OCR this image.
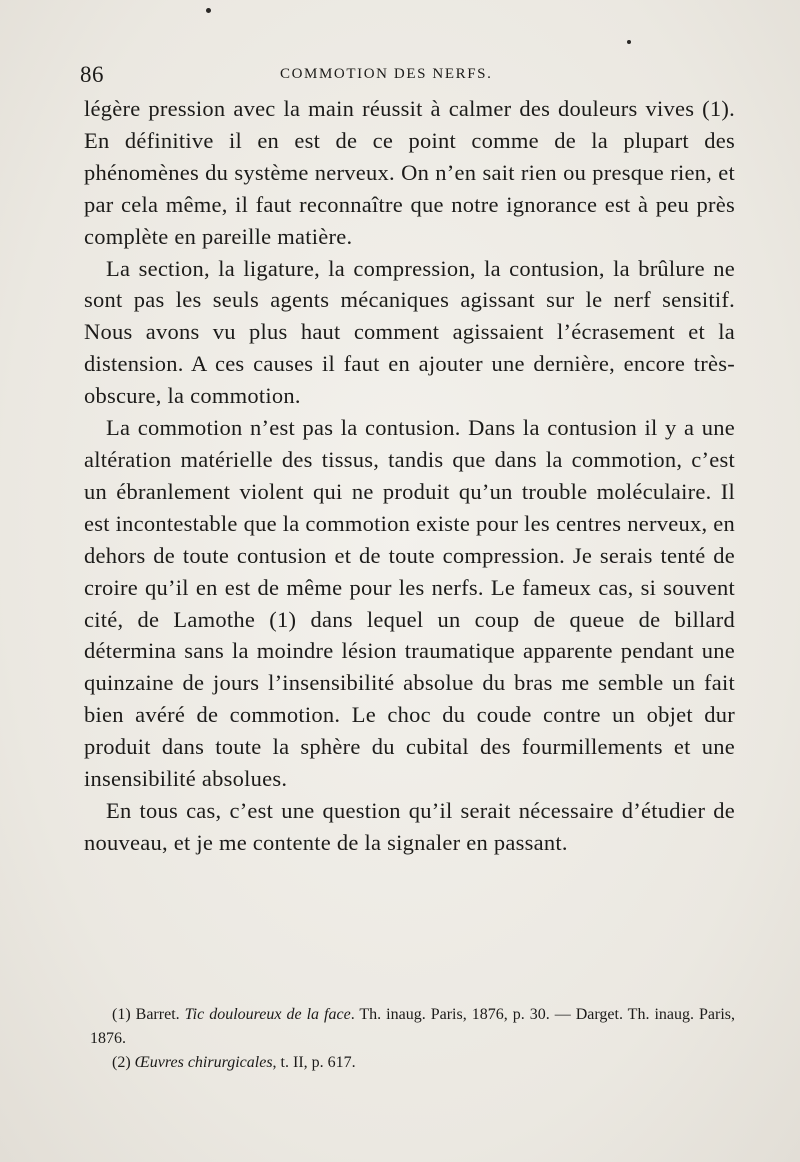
86	COMMOTION DES NERFS.

légère pression avec la main réussit à calmer des douleurs vives (1). En définitive il en est de ce point comme de la plupart des phénomènes du système nerveux. On n’en sait rien ou presque rien, et par cela même, il faut reconnaître que notre ignorance est à peu près complète en pareille matière.

La section, la ligature, la compression, la contusion, la brûlure ne sont pas les seuls agents mécaniques agissant sur le nerf sensitif. Nous avons vu plus haut comment agissaient l’écrasement et la distension. A ces causes il faut en ajouter une dernière, encore très-obscure, la commotion.

La commotion n’est pas la contusion. Dans la contusion il y a une altération matérielle des tissus, tandis que dans la commotion, c’est un ébranlement violent qui ne produit qu’un trouble moléculaire. Il est incontestable que la commotion existe pour les centres nerveux, en dehors de toute contusion et de toute compression. Je serais tenté de croire qu’il en est de même pour les nerfs. Le fameux cas, si souvent cité, de Lamothe (1) dans lequel un coup de queue de billard détermina sans la moindre lésion traumatique apparente pendant une quinzaine de jours l’insensibilité absolue du bras me semble un fait bien avéré de commotion. Le choc du coude contre un objet dur produit dans toute la sphère du cubital des fourmillements et une insensibilité absolues.

En tous cas, c’est une question qu’il serait nécessaire d’étudier de nouveau, et je me contente de la signaler en passant.

(1) Barret. Tic douloureux de la face. Th. inaug. Paris, 1876, p. 30. — Darget. Th. inaug. Paris, 1876.

(2) Œuvres chirurgicales, t. II, p. 617.
